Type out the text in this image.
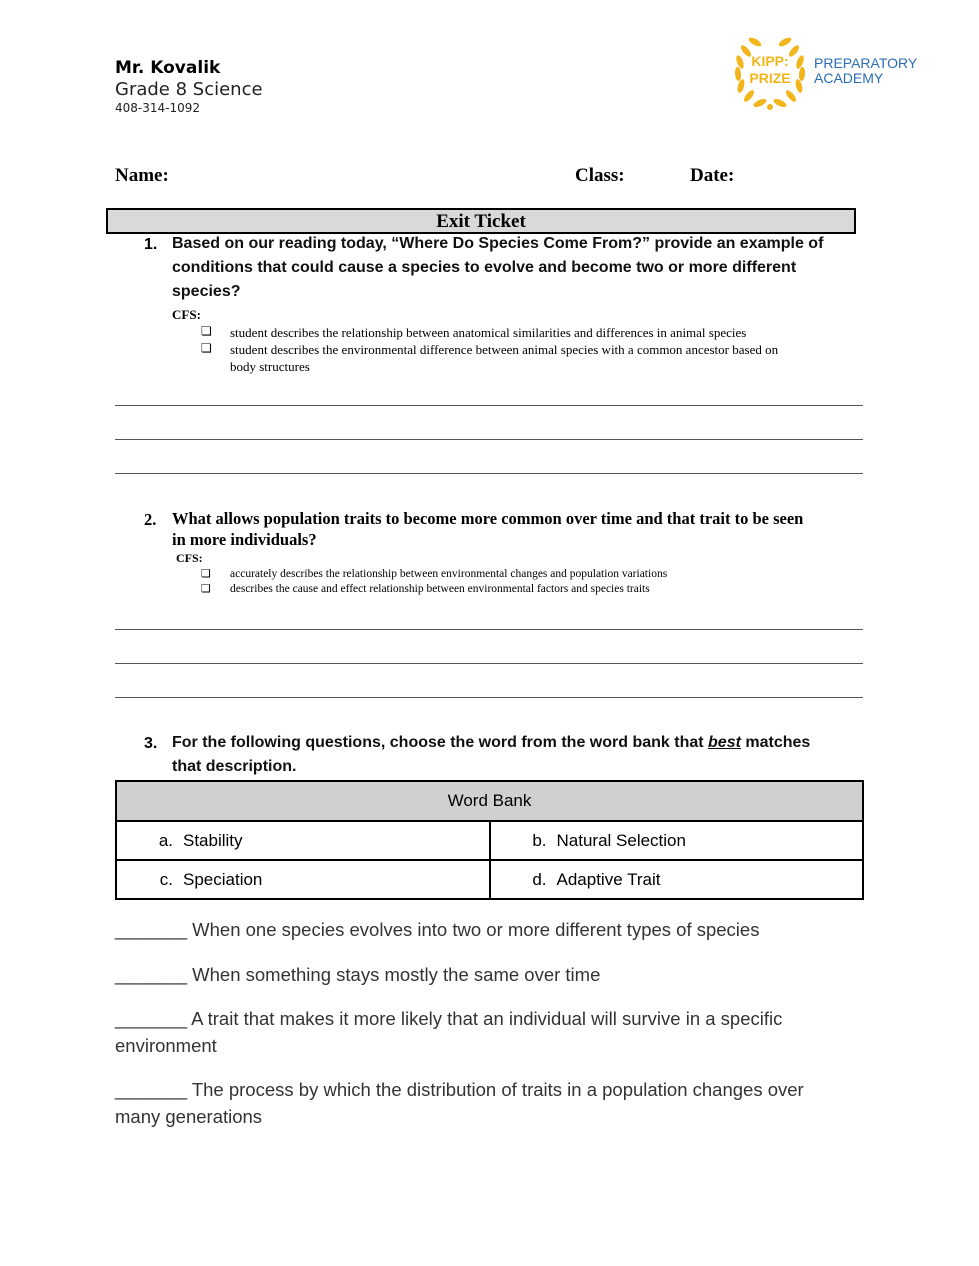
Mr. Kovalik
Grade 8 Science
408-314-1092
KIPP:
PRIZE
PREPARATORY
ACADEMY
Name:	Class:	Date:
Exit Ticket
1. Based on our reading today, “Where Do Species Come From?” provide an example of
conditions that could cause a species to evolve and become two or more different
species?
CFS:
❏ student describes the relationship between anatomical similarities and differences in animal species
❏ student describes the environmental difference between animal species with a common ancestor based on
body structures
2. What allows population traits to become more common over time and that trait to be seen
in more individuals?
CFS:
❏ accurately describes the relationship between environmental changes and population variations
❏ describes the cause and effect relationship between environmental factors and species traits
3. For the following questions, choose the word from the word bank that best matches
that description.
Word Bank	
a. Stability	b. Natural Selection
c. Speciation	d. Adaptive Trait
_______ When one species evolves into two or more different types of species
_______ When something stays mostly the same over time
_______ A trait that makes it more likely that an individual will survive in a specific
environment
_______ The process by which the distribution of traits in a population changes over
many generations
